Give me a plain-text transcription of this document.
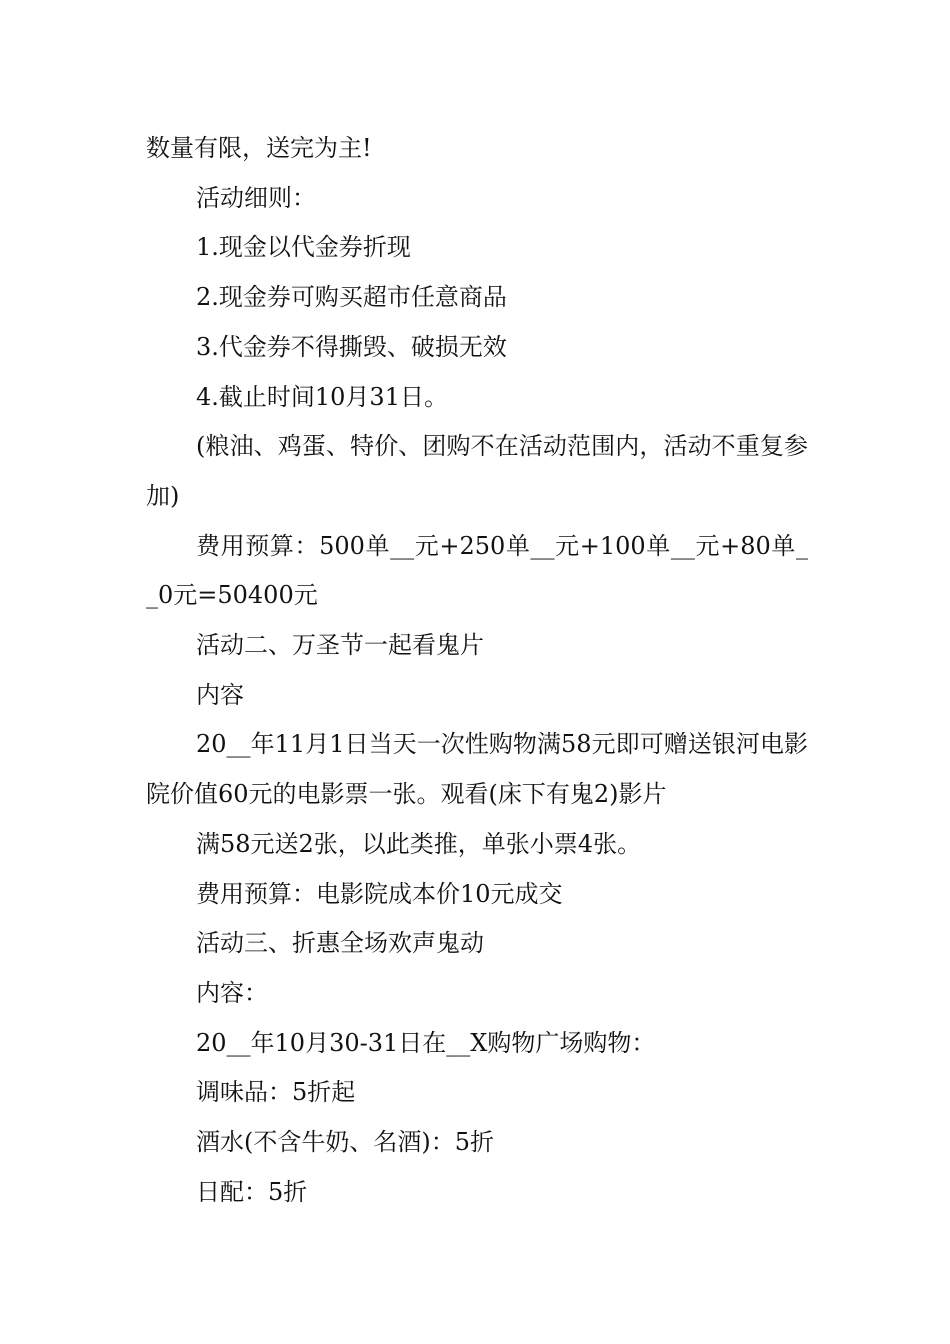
数量有限，送完为主!

活动细则：

1.现金以代金券折现

2.现金券可购买超市任意商品

3.代金券不得撕毁、破损无效

4.截止时间10月31日。

(粮油、鸡蛋、特价、团购不在活动范围内，活动不重复参加)

费用预算：500单__元+250单__元+100单__元+80单__0元=50400元

活动二、万圣节一起看鬼片

内容

20__年11月1日当天一次性购物满58元即可赠送银河电影院价值60元的电影票一张。观看(床下有鬼2)影片

满58元送2张，以此类推，单张小票4张。

费用预算：电影院成本价10元成交

活动三、折惠全场欢声鬼动

内容：

20__年10月30-31日在__X购物广场购物：

调味品：5折起

酒水(不含牛奶、名酒)：5折

日配：5折
